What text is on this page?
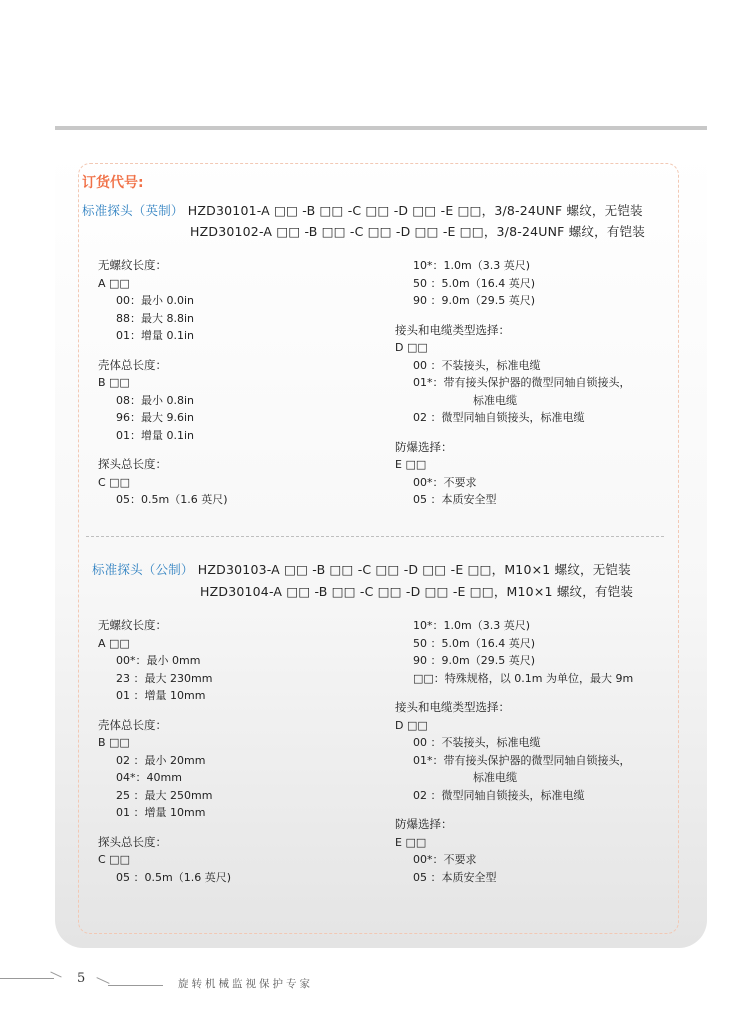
订货代号:
标准探头（英制） HZD30101-A □□ -B □□ -C □□ -D □□ -E □□，3/8-24UNF 螺纹，无铠装
HZD30102-A □□ -B □□ -C □□ -D □□ -E □□，3/8-24UNF 螺纹，有铠装
无螺纹长度：
A □□
00：最小 0.0in
88：最大 8.8in
01：增量 0.1in
壳体总长度：
B □□
08：最小 0.8in
96：最大 9.6in
01：增量 0.1in
探头总长度：
C □□
05：0.5m（1.6 英尺)
10*：1.0m（3.3 英尺)
50 ：5.0m（16.4 英尺)
90 ：9.0m（29.5 英尺)
接头和电缆类型选择：
D □□
00 ：不装接头，标准电缆
01*：带有接头保护器的微型同轴自锁接头，
标准电缆
02 ：微型同轴自锁接头，标准电缆
防爆选择：
E □□
00*：不要求
05 ：本质安全型
标准探头（公制） HZD30103-A □□ -B □□ -C □□ -D □□ -E □□，M10×1 螺纹，无铠装
HZD30104-A □□ -B □□ -C □□ -D □□ -E □□，M10×1 螺纹，有铠装
无螺纹长度：
A □□
00*：最小 0mm
23 ：最大 230mm
01 ：增量 10mm
壳体总长度：
B □□
02 ：最小 20mm
04*：40mm
25 ：最大 250mm
01 ：增量 10mm
探头总长度：
C □□
05 ：0.5m（1.6 英尺)
10*：1.0m（3.3 英尺)
50 ：5.0m（16.4 英尺)
90 ：9.0m（29.5 英尺)
□□：特殊规格，以 0.1m 为单位，最大 9m
接头和电缆类型选择：
D □□
00 ：不装接头，标准电缆
01*：带有接头保护器的微型同轴自锁接头，
标准电缆
02 ：微型同轴自锁接头，标准电缆
防爆选择：
E □□
00*：不要求
05 ：本质安全型
5	旋转机械监视保护专家
